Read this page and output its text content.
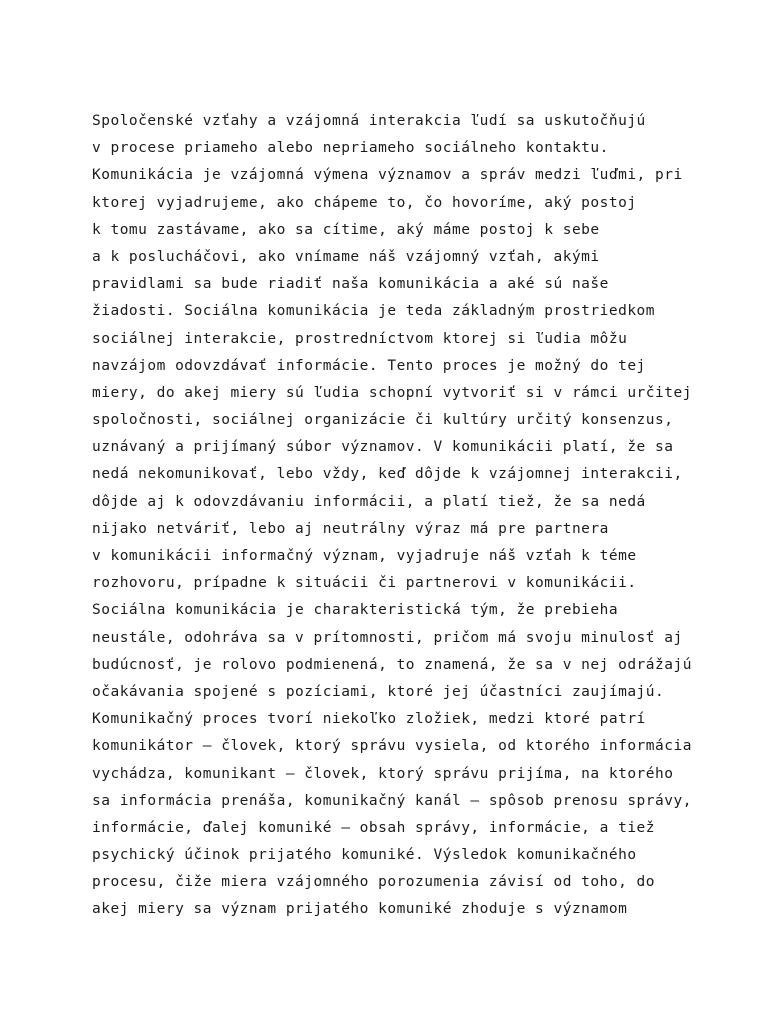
Spoločenské vzťahy a vzájomná interakcia ľudí sa uskutočňujú
v procese priameho alebo nepriameho sociálneho kontaktu.
Komunikácia je vzájomná výmena významov a správ medzi ľuďmi, pri
ktorej vyjadrujeme, ako chápeme to, čo hovoríme, aký postoj
k tomu zastávame, ako sa cítime, aký máme postoj k sebe
a k poslucháčovi, ako vnímame náš vzájomný vzťah, akými
pravidlami sa bude riadiť naša komunikácia a aké sú naše
žiadosti. Sociálna komunikácia je teda základným prostriedkom
sociálnej interakcie, prostredníctvom ktorej si ľudia môžu
navzájom odovzdávať informácie. Tento proces je možný do tej
miery, do akej miery sú ľudia schopní vytvoriť si v rámci určitej
spoločnosti, sociálnej organizácie či kultúry určitý konsenzus,
uznávaný a prijímaný súbor významov. V komunikácii platí, že sa
nedá nekomunikovať, lebo vždy, keď dôjde k vzájomnej interakcii,
dôjde aj k odovzdávaniu informácii, a platí tiež, že sa nedá
nijako netváriť, lebo aj neutrálny výraz má pre partnera
v komunikácii informačný význam, vyjadruje náš vzťah k téme
rozhovoru, prípadne k situácii či partnerovi v komunikácii.
Sociálna komunikácia je charakteristická tým, že prebieha
neustále, odohráva sa v prítomnosti, pričom má svoju minulosť aj
budúcnosť, je rolovo podmienená, to znamená, že sa v nej odrážajú
očakávania spojené s pozíciami, ktoré jej účastníci zaujímajú.
Komunikačný proces tvorí niekoľko zložiek, medzi ktoré patrí
komunikátor – človek, ktorý správu vysiela, od ktorého informácia
vychádza, komunikant – človek, ktorý správu prijíma, na ktorého
sa informácia prenáša, komunikačný kanál – spôsob prenosu správy,
informácie, ďalej komuniké – obsah správy, informácie, a tiež
psychický účinok prijatého komuniké. Výsledok komunikačného
procesu, čiže miera vzájomného porozumenia závisí od toho, do
akej miery sa význam prijatého komuniké zhoduje s významom
